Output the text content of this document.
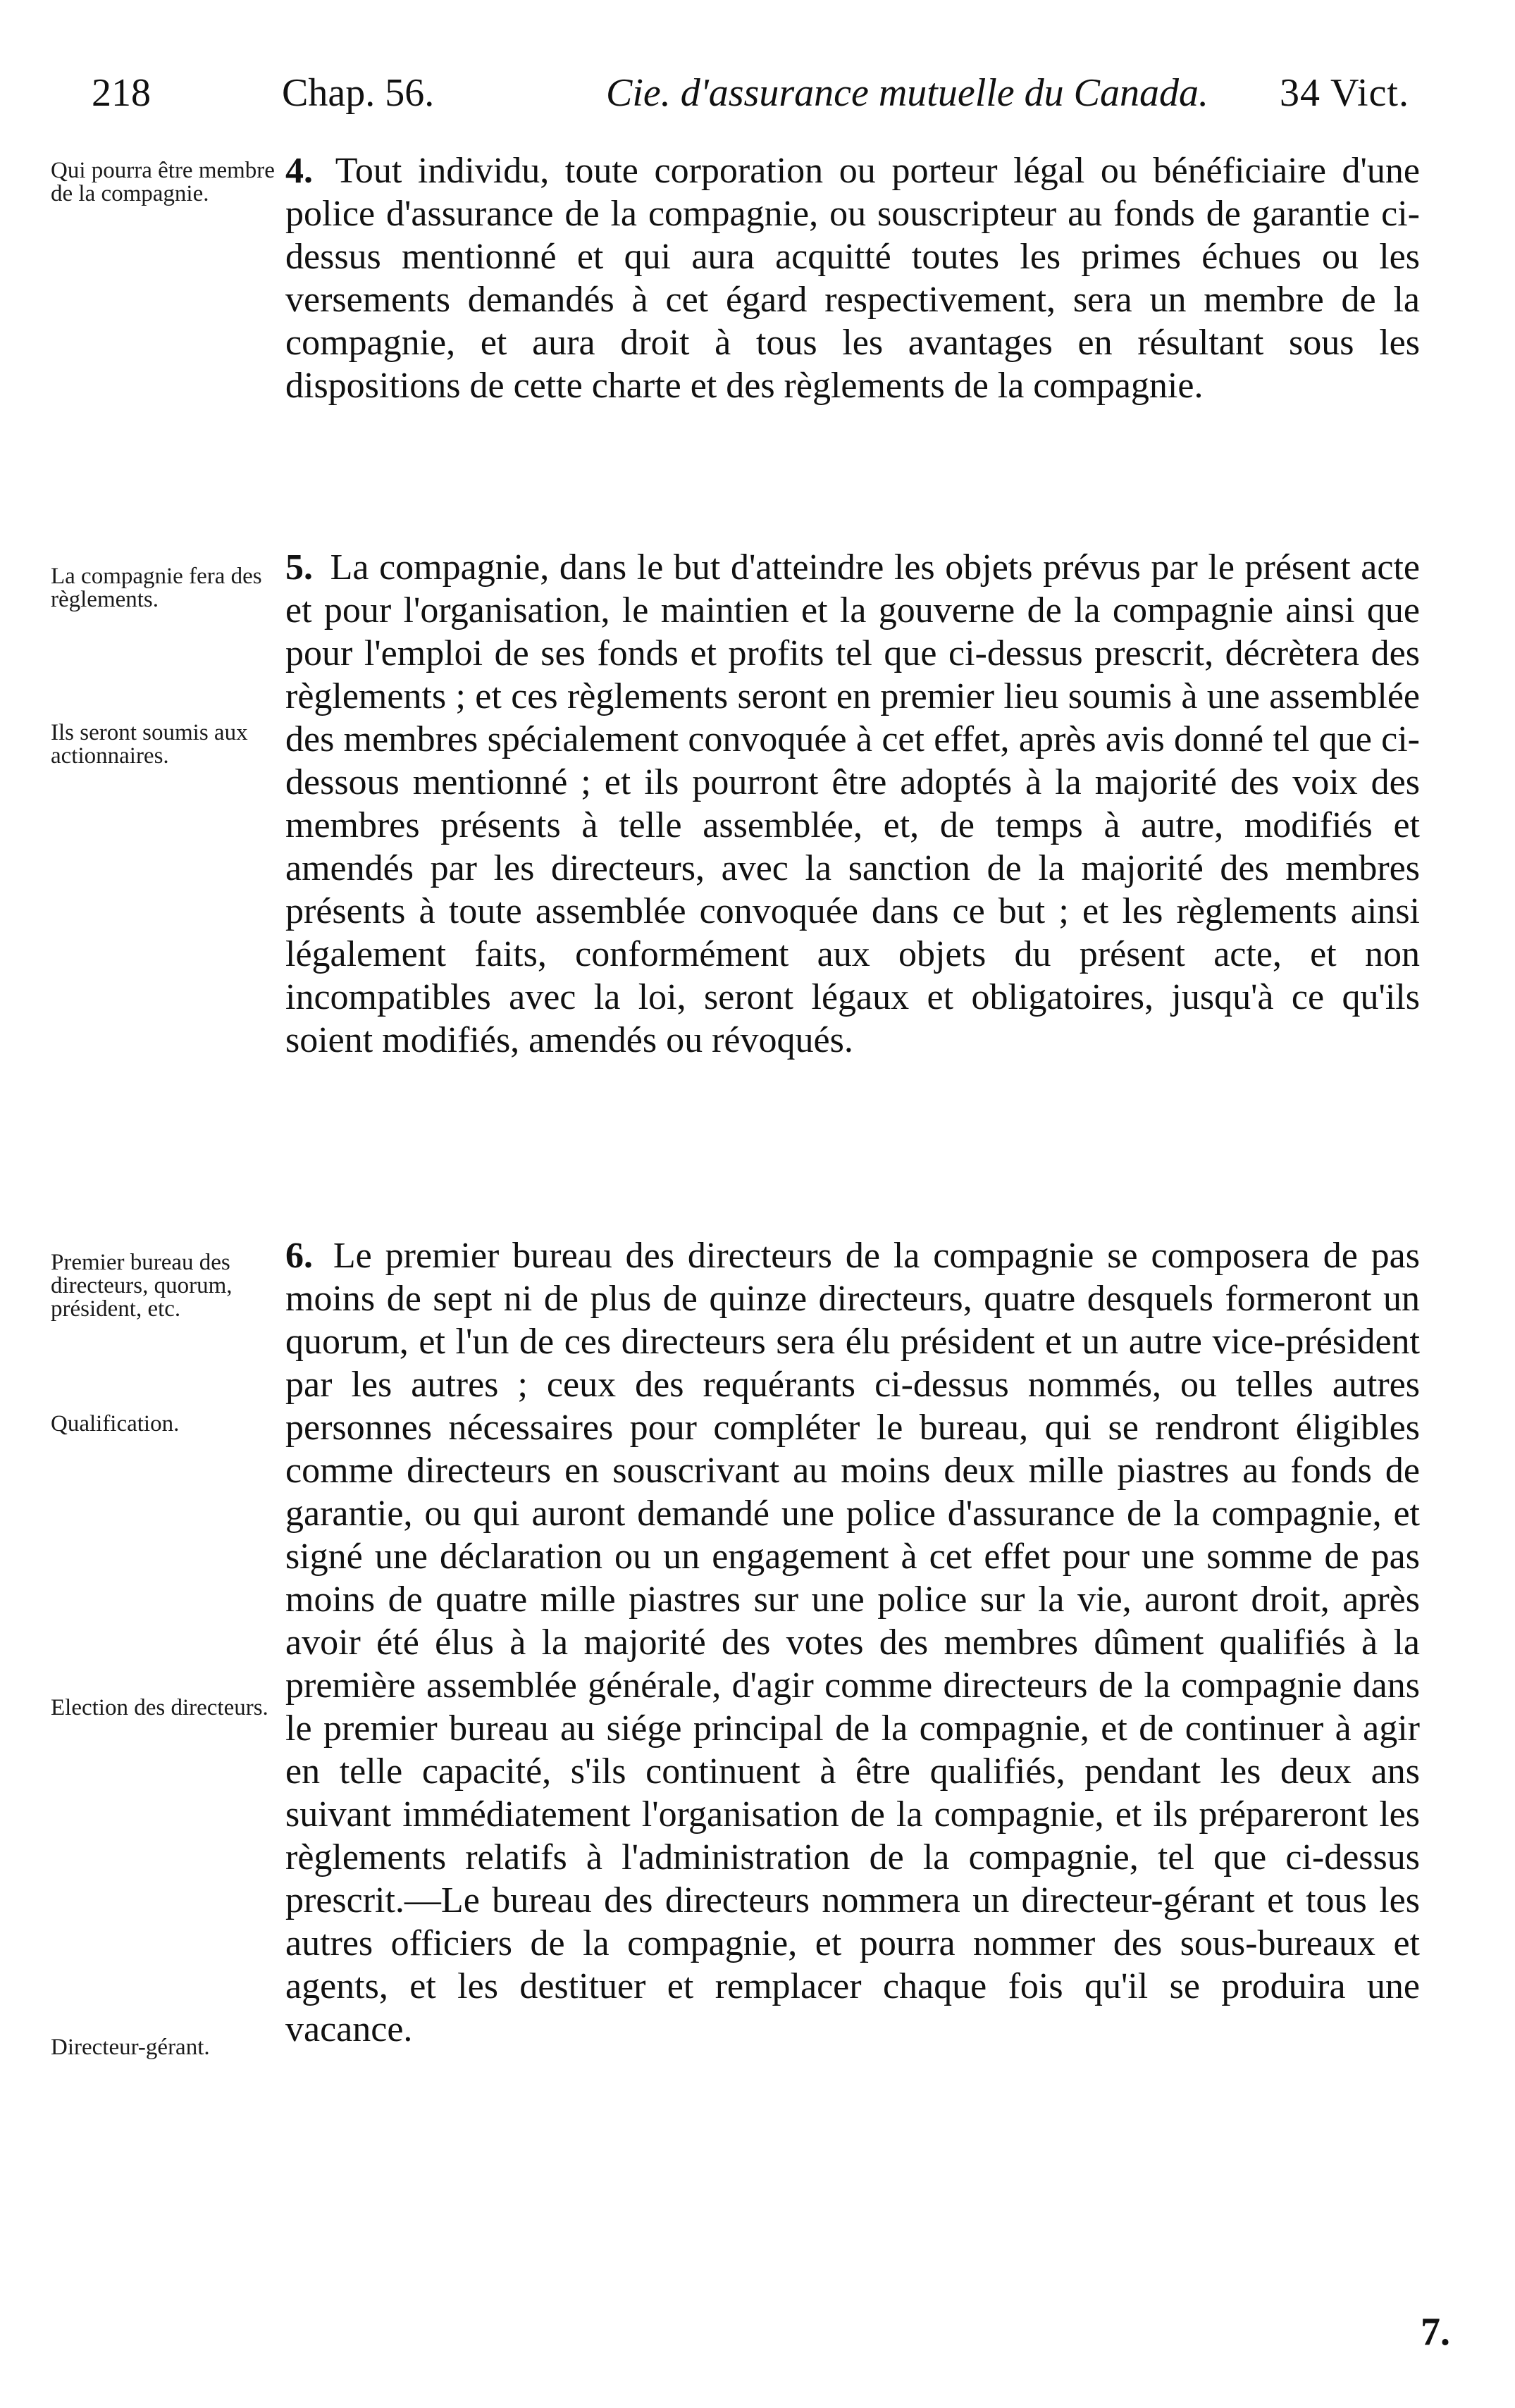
218	Chap. 56.	Cie. d'assurance mutuelle du Canada. 34 Vict.
Qui pourra être membre de la compagnie.
La compagnie fera des règlements.
Ils seront soumis aux actionnaires.
Premier bureau des directeurs, quorum, président, etc.
Qualification.
Election des directeurs.
Directeur-gérant.

4. Tout individu, toute corporation ou porteur légal ou bénéficiaire d'une police d'assurance de la compagnie, ou souscripteur au fonds de garantie ci-dessus mentionné et qui aura acquitté toutes les primes échues ou les versements demandés à cet égard respectivement, sera un membre de la compagnie, et aura droit à tous les avantages en résultant sous les dispositions de cette charte et des règlements de la compagnie.

5. La compagnie, dans le but d'atteindre les objets prévus par le présent acte et pour l'organisation, le maintien et la gouverne de la compagnie ainsi que pour l'emploi de ses fonds et profits tel que ci-dessus prescrit, décrètera des règlements ; et ces règlements seront en premier lieu soumis à une assemblée des membres spécialement convoquée à cet effet, après avis donné tel que ci-dessous mentionné ; et ils pourront être adoptés à la majorité des voix des membres présents à telle assemblée, et, de temps à autre, modifiés et amendés par les directeurs, avec la sanction de la majorité des membres présents à toute assemblée convoquée dans ce but ; et les règlements ainsi légalement faits, conformément aux objets du présent acte, et non incompatibles avec la loi, seront légaux et obligatoires, jusqu'à ce qu'ils soient modifiés, amendés ou révoqués.

6. Le premier bureau des directeurs de la compagnie se composera de pas moins de sept ni de plus de quinze directeurs, quatre desquels formeront un quorum, et l'un de ces directeurs sera élu président et un autre vice-président par les autres ; ceux des requérants ci-dessus nommés, ou telles autres personnes nécessaires pour compléter le bureau, qui se rendront éligibles comme directeurs en souscrivant au moins deux mille piastres au fonds de garantie, ou qui auront demandé une police d'assurance de la compagnie, et signé une déclaration ou un engagement à cet effet pour une somme de pas moins de quatre mille piastres sur une police sur la vie, auront droit, après avoir été élus à la majorité des votes des membres dûment qualifiés à la première assemblée générale, d'agir comme directeurs de la compagnie dans le premier bureau au siége principal de la compagnie, et de continuer à agir en telle capacité, s'ils continuent à être qualifiés, pendant les deux ans suivant immédiatement l'organisation de la compagnie, et ils prépareront les règlements relatifs à l'administration de la compagnie, tel que ci-dessus prescrit.—Le bureau des directeurs nommera un directeur-gérant et tous les autres officiers de la compagnie, et pourra nommer des sous-bureaux et agents, et les destituer et remplacer chaque fois qu'il se produira une vacance.

7.
